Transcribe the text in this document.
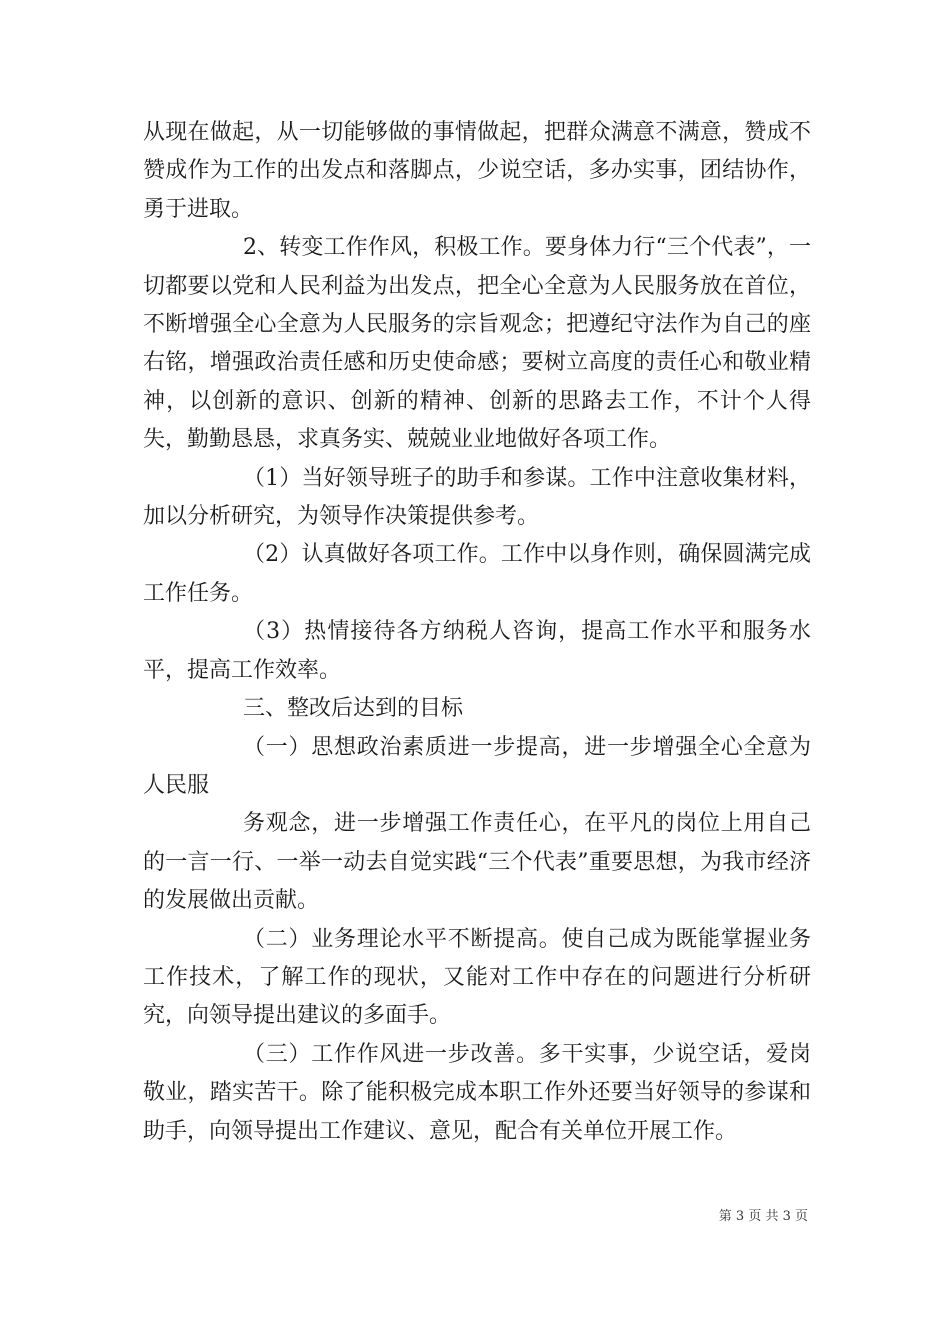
从现在做起，从一切能够做的事情做起，把群众满意不满意，赞成不赞成作为工作的出发点和落脚点，少说空话，多办实事，团结协作，勇于进取。

2、转变工作作风，积极工作。要身体力行“三个代表”，一切都要以党和人民利益为出发点，把全心全意为人民服务放在首位，不断增强全心全意为人民服务的宗旨观念；把遵纪守法作为自己的座右铭，增强政治责任感和历史使命感；要树立高度的责任心和敬业精神，以创新的意识、创新的精神、创新的思路去工作，不计个人得失，勤勤恳恳，求真务实、兢兢业业地做好各项工作。

（1）当好领导班子的助手和参谋。工作中注意收集材料，加以分析研究，为领导作决策提供参考。

（2）认真做好各项工作。工作中以身作则，确保圆满完成工作任务。

（3）热情接待各方纳税人咨询，提高工作水平和服务水平，提高工作效率。

三、整改后达到的目标

（一）思想政治素质进一步提高，进一步增强全心全意为人民服

务观念，进一步增强工作责任心，在平凡的岗位上用自己的一言一行、一举一动去自觉实践“三个代表”重要思想，为我市经济的发展做出贡献。

（二）业务理论水平不断提高。使自己成为既能掌握业务工作技术，了解工作的现状，又能对工作中存在的问题进行分析研究，向领导提出建议的多面手。

（三）工作作风进一步改善。多干实事，少说空话，爱岗敬业，踏实苦干。除了能积极完成本职工作外还要当好领导的参谋和助手，向领导提出工作建议、意见，配合有关单位开展工作。

第 3 页 共 3 页
